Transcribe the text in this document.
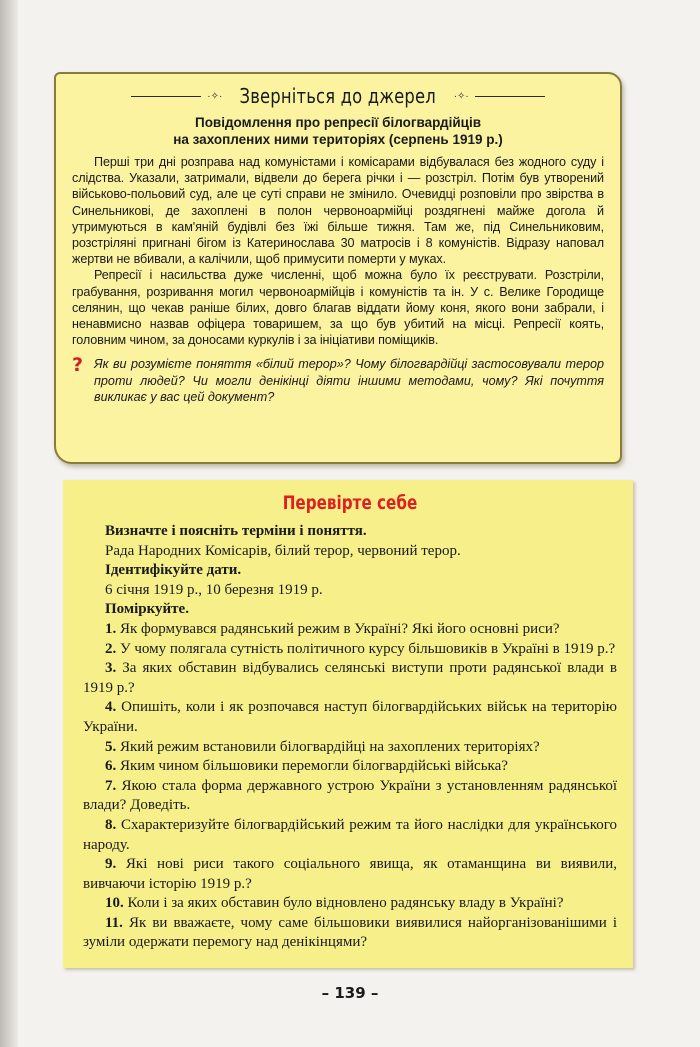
·✧· Зверніться до джерел ·✧·
Повідомлення про репресії білогвардійців
на захоплених ними територіях (серпень 1919 р.)

Перші три дні розправа над комуністами і комісарами відбувалася без жодного суду і слідства. Указали, затримали, відвели до берега річки і — розстріл. Потім був утворений військово-польовий суд, але це суті справи не змінило. Очевидці розповіли про звірства в Синельникові, де захоплені в полон червоноармійці роздягнені майже догола й утримуються в кам'яній будівлі без їжі більше тижня. Там же, під Синельниковим, розстріляні пригнані бігом із Катеринослава 30 матросів і 8 комуністів. Відразу наповал жертви не вбивали, а калічили, щоб примусити померти у муках.

Репресії і насильства дуже численні, щоб можна було їх реєструвати. Розстріли, грабування, розривання могил червоноармійців і комуністів та ін. У с. Велике Городище селянин, що чекав раніше білих, довго благав віддати йому коня, якого вони забрали, і ненавмисно назвав офіцера товаришем, за що був убитий на місці. Репресії коять, головним чином, за доносами куркулів і за ініціативи поміщиків.

? Як ви розумієте поняття «білий терор»? Чому білогвардійці застосовували терор проти людей? Чи могли денікінці діяти іншими методами, чому? Які почуття викликає у вас цей документ?
Перевірте себе
Визначте і поясніть терміни і поняття.
Рада Народних Комісарів, білий терор, червоний терор.
Ідентифікуйте дати.
6 січня 1919 р., 10 березня 1919 р.
Поміркуйте.

1. Як формувався радянський режим в Україні? Які його основні риси?

2. У чому полягала сутність політичного курсу більшовиків в Україні в 1919 р.?

3. За яких обставин відбувались селянські виступи проти радянської влади в 1919 р.?

4. Опишіть, коли і як розпочався наступ білогвардійських військ на територію України.

5. Який режим встановили білогвардійці на захоплених територіях?

6. Яким чином більшовики перемогли білогвардійські війська?

7. Якою стала форма державного устрою України з установленням радянської влади? Доведіть.

8. Схарактеризуйте білогвардійський режим та його наслідки для українського народу.

9. Які нові риси такого соціального явища, як отаманщина ви виявили, вивчаючи історію 1919 р.?

10. Коли і за яких обставин було відновлено радянську владу в Україні?

11. Як ви вважаєте, чому саме більшовики виявилися найорганізованішими і зуміли одержати перемогу над денікінцями?

– 139 –
